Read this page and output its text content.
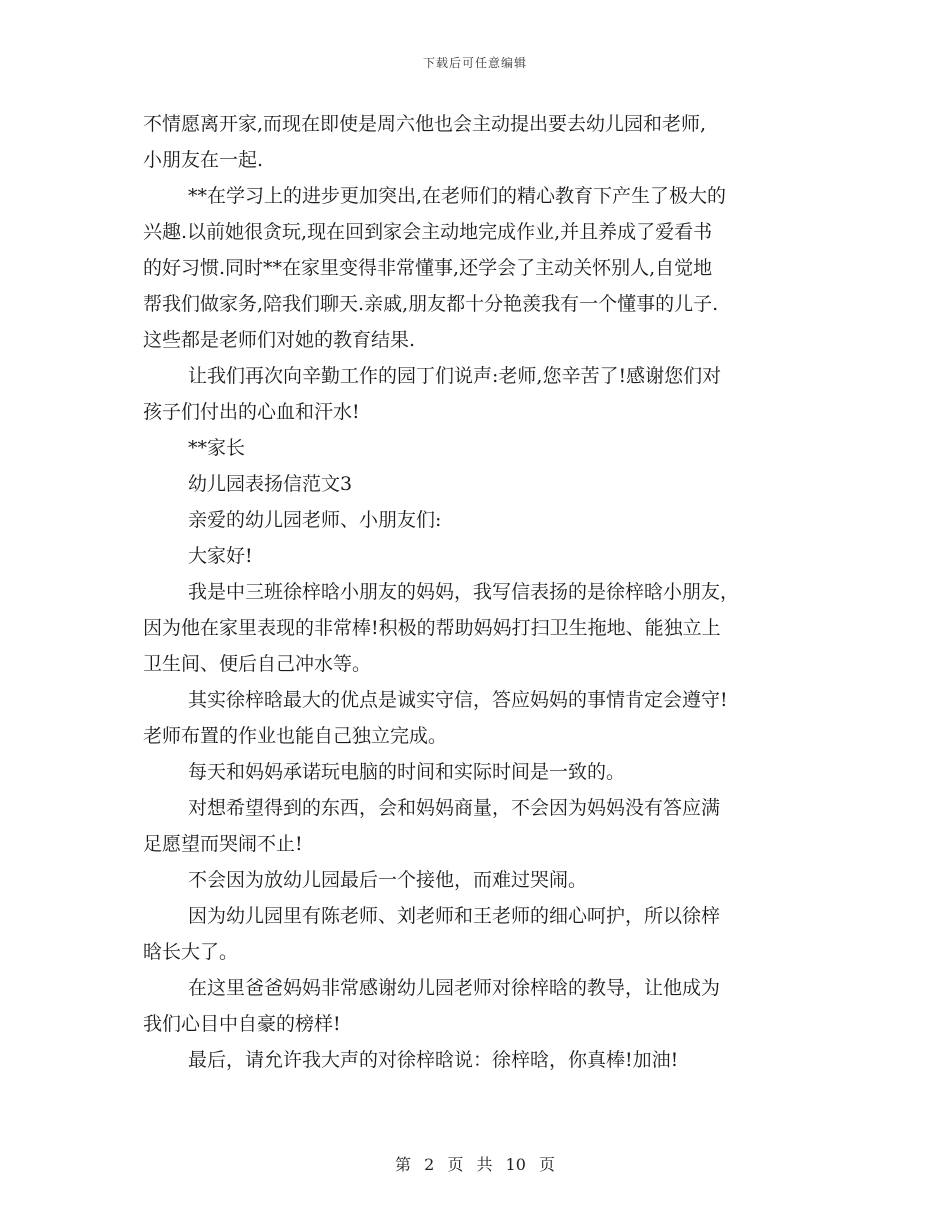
下载后可任意编辑
不情愿离开家,而现在即使是周六他也会主动提出要去幼儿园和老师,
小朋友在一起.
**在学习上的进步更加突出,在老师们的精心教育下产生了极大的
兴趣.以前她很贪玩,现在回到家会主动地完成作业,并且养成了爱看书
的好习惯.同时**在家里变得非常懂事,还学会了主动关怀别人,自觉地
帮我们做家务,陪我们聊天.亲戚,朋友都十分艳羡我有一个懂事的儿子.
这些都是老师们对她的教育结果.
让我们再次向辛勤工作的园丁们说声:老师,您辛苦了!感谢您们对
孩子们付出的心血和汗水!
**家长
幼儿园表扬信范文3
亲爱的幼儿园老师、小朋友们:
大家好!
我是中三班徐梓晗小朋友的妈妈，我写信表扬的是徐梓晗小朋友，
因为他在家里表现的非常棒!积极的帮助妈妈打扫卫生拖地、能独立上
卫生间、便后自己冲水等。
其实徐梓晗最大的优点是诚实守信，答应妈妈的事情肯定会遵守!
老师布置的作业也能自己独立完成。
每天和妈妈承诺玩电脑的时间和实际时间是一致的。
对想希望得到的东西，会和妈妈商量，不会因为妈妈没有答应满
足愿望而哭闹不止!
不会因为放幼儿园最后一个接他，而难过哭闹。
因为幼儿园里有陈老师、刘老师和王老师的细心呵护，所以徐梓
晗长大了。
在这里爸爸妈妈非常感谢幼儿园老师对徐梓晗的教导，让他成为
我们心目中自豪的榜样!
最后，请允许我大声的对徐梓晗说：徐梓晗，你真棒!加油!
第 2 页 共 10 页
